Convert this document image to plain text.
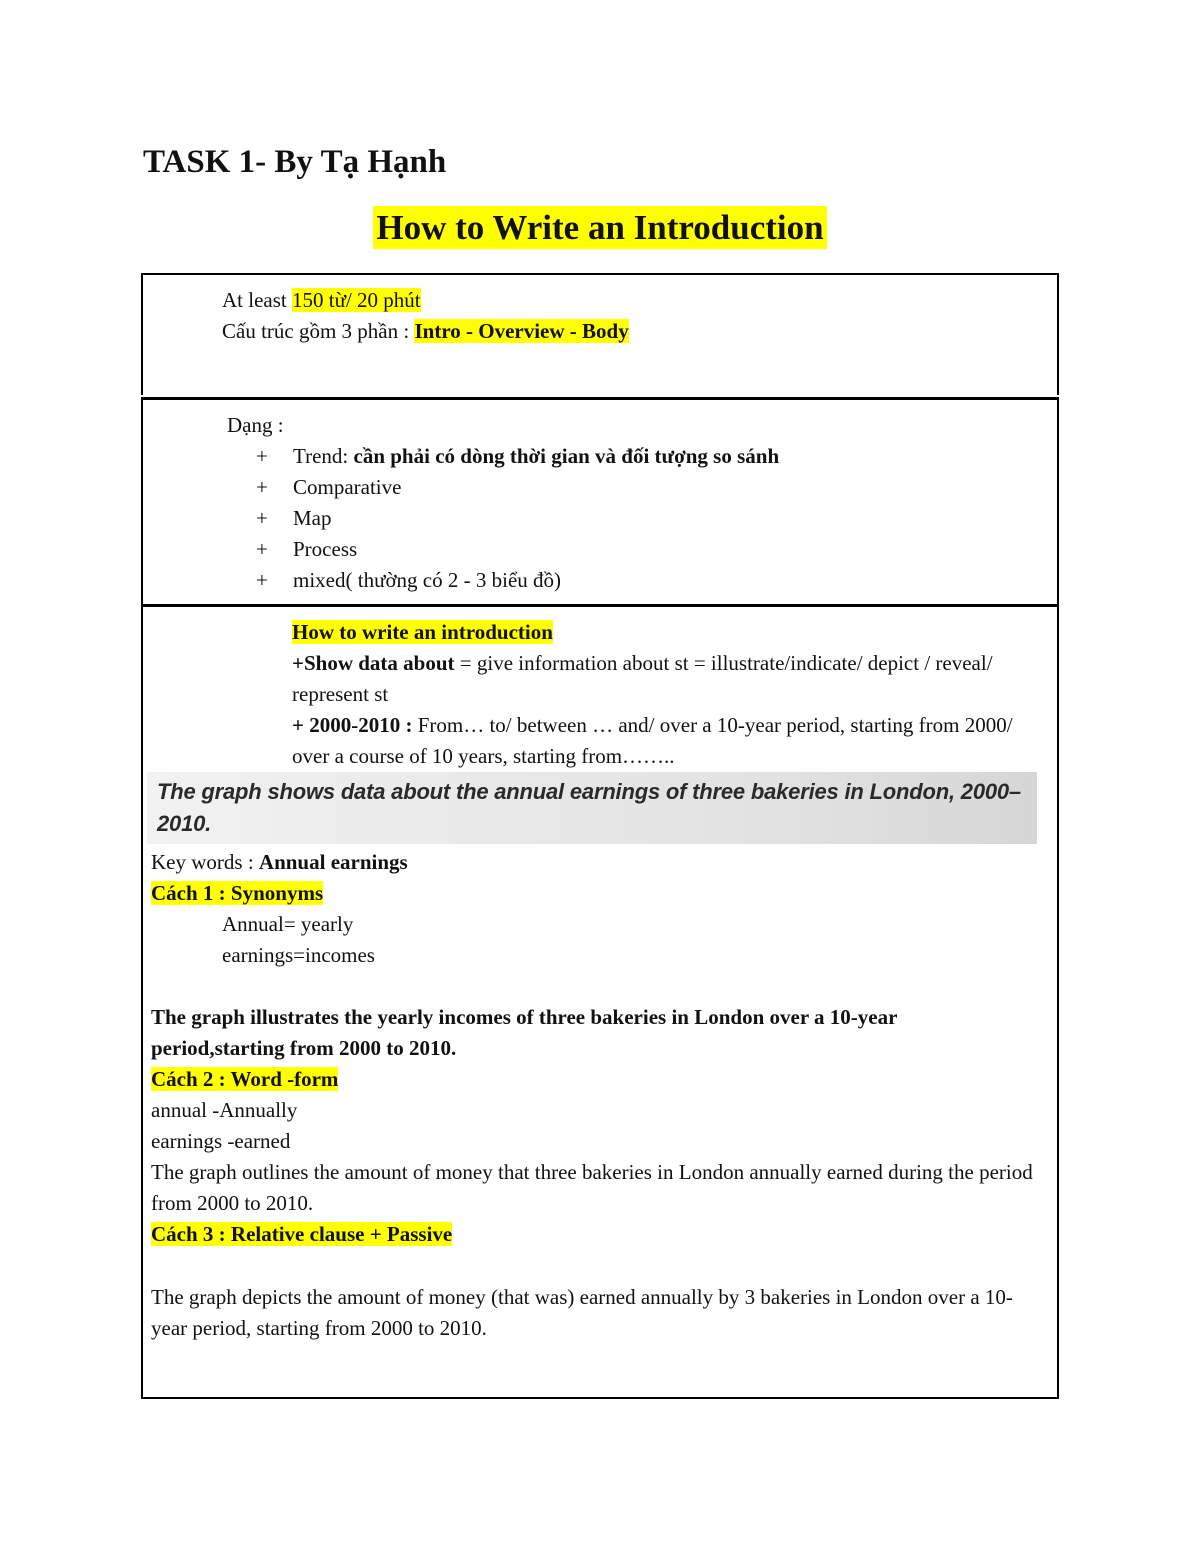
TASK 1- By Tạ Hạnh
How to Write an Introduction
At least 150 từ/ 20 phút
Cấu trúc gồm 3 phần : Intro - Overview - Body
Dạng :
+ Trend: cần phải có dòng thời gian và đối tượng so sánh
+ Comparative
+ Map
+ Process
+ mixed( thường có 2 - 3 biểu đồ)
How to write an introduction
+Show data about = give information about st = illustrate/indicate/ depict / reveal/ represent st
+ 2000-2010 : From… to/ between … and/ over a 10-year period, starting from 2000/ over a course of 10 years, starting from……..
The graph shows data about the annual earnings of three bakeries in London, 2000–2010.
Key words : Annual earnings
Cách 1 : Synonyms
Annual= yearly
earnings=incomes
The graph illustrates the yearly incomes of three bakeries in London over a 10-year period,starting from 2000 to 2010.
Cách 2 : Word -form
annual -Annually
earnings -earned
The graph outlines the amount of money that three bakeries in London annually earned during the period from 2000 to 2010.
Cách 3 : Relative clause + Passive
The graph depicts the amount of money (that was) earned annually by 3 bakeries in London over a 10- year period, starting from 2000 to 2010.
